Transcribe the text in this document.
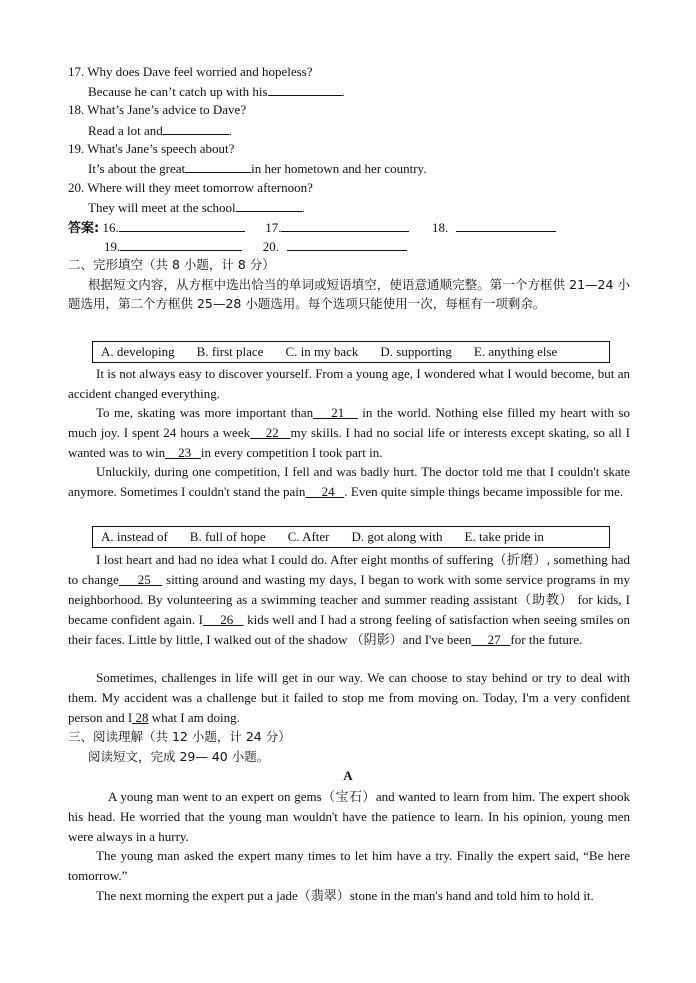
17. Why does Dave feel worried and hopeless?
Because he can’t catch up with his	.
18. What’s Jane’s advice to Dave?
Read a lot and	.
19. What's Jane’s speech about?
It’s about the great	in her hometown and her country.
20. Where will they meet tomorrow afternoon?
They will meet at the school	.
答案: 16.	17.	18.
19.	20.
二、完形填空（共 8 小题，计 8 分）
根据短文内容，从方框中选出恰当的单词或短语填空，使语意通顺完整。第一个方框供 21—24 小题选用，第二个方框供 25—28 小题选用。每个选项只能使用一次，每框有一项剩余。
A. developing B. first place C. in my back D. supporting E. anything else
It is not always easy to discover yourself. From a young age, I wondered what I would become, but an accident changed everything.
To me, skating was more important than 21 in the world. Nothing else filled my heart with so much joy. I spent 24 hours a week 22 my skills. I had no social life or interests except skating, so all I wanted was to win 23 in every competition I took part in.
Unluckily, during one competition, I fell and was badly hurt. The doctor told me that I couldn't skate anymore. Sometimes I couldn't stand the pain 24 . Even quite simple things became impossible for me.
A. instead of B. full of hope C. After D. got along with E. take pride in
I lost heart and had no idea what I could do. After eight months of suffering（折磨）, something had to change 25 sitting around and wasting my days, I began to work with some service programs in my neighborhood. By volunteering as a swimming teacher and summer reading assistant（助教） for kids, I became confident again. I 26 kids well and I had a strong feeling of satisfaction when seeing smiles on their faces. Little by little, I walked out of the shadow （阴影）and I've been 27 for the future.
Sometimes, challenges in life will get in our way. We can choose to stay behind or try to deal with them. My accident was a challenge but it failed to stop me from moving on. Today, I'm a very confident person and I 28 what I am doing.
三、阅读理解（共 12 小题，计 24 分）
阅读短文，完成 29— 40 小题。
A
A young man went to an expert on gems（宝石）and wanted to learn from him. The expert shook his head. He worried that the young man wouldn't have the patience to learn. In his opinion, young men were always in a hurry.
The young man asked the expert many times to let him have a try. Finally the expert said, “Be here tomorrow.”
The next morning the expert put a jade（翡翠）stone in the man's hand and told him to hold it.
